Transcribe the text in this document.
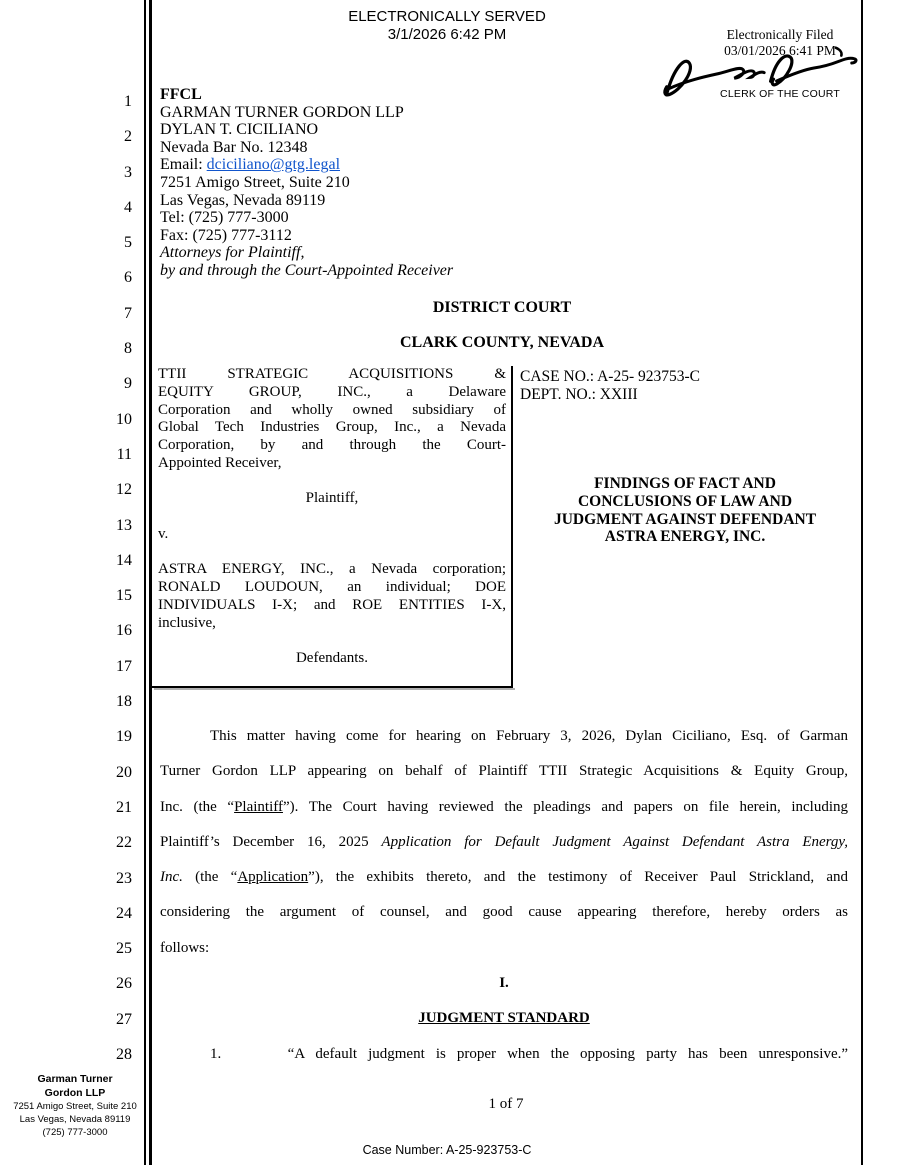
ELECTRONICALLY SERVED
3/1/2026 6:42 PM	Electronically Filed
03/01/2026 6:41 PM
CLERK OF THE COURT
1
2
3
4
5
6
7
8
9
10
11
12
13
14
15
16
17
18
19
20
21
22
23
24
25
26
27
28
FFCL
GARMAN TURNER GORDON LLP
DYLAN T. CICILIANO
Nevada Bar No. 12348
Email: dciciliano@gtg.legal
7251 Amigo Street, Suite 210
Las Vegas, Nevada 89119
Tel: (725) 777-3000
Fax: (725) 777-3112
Attorneys for Plaintiff,
by and through the Court-Appointed Receiver
DISTRICT COURT
CLARK COUNTY, NEVADA
TTII STRATEGIC ACQUISITIONS &
EQUITY GROUP, INC., a Delaware
Corporation and wholly owned subsidiary of
Global Tech Industries Group, Inc., a Nevada
Corporation, by and through the Court-
Appointed Receiver,

Plaintiff,

v.

ASTRA ENERGY, INC., a Nevada corporation;
RONALD LOUDOUN, an individual; DOE
INDIVIDUALS I-X; and ROE ENTITIES I-X,
inclusive,

Defendants.
CASE NO.: A-25- 923753-C
DEPT. NO.: XXIII
FINDINGS OF FACT AND
CONCLUSIONS OF LAW AND
JUDGMENT AGAINST DEFENDANT
ASTRA ENERGY, INC.
This matter having come for hearing on February 3, 2026, Dylan Ciciliano, Esq. of Garman
Turner Gordon LLP appearing on behalf of Plaintiff TTII Strategic Acquisitions & Equity Group,
Inc. (the “Plaintiff”). The Court having reviewed the pleadings and papers on file herein, including
Plaintiff’s December 16, 2025 Application for Default Judgment Against Defendant Astra Energy,
Inc. (the “Application”), the exhibits thereto, and the testimony of Receiver Paul Strickland, and
considering the argument of counsel, and good cause appearing therefore, hereby orders as
follows:
I.
JUDGMENT STANDARD
1.	“A default judgment is proper when the opposing party has been unresponsive.”
Garman Turner
Gordon LLP
7251 Amigo Street, Suite 210
Las Vegas, Nevada 89119
(725) 777-3000
1 of 7
Case Number: A-25-923753-C
